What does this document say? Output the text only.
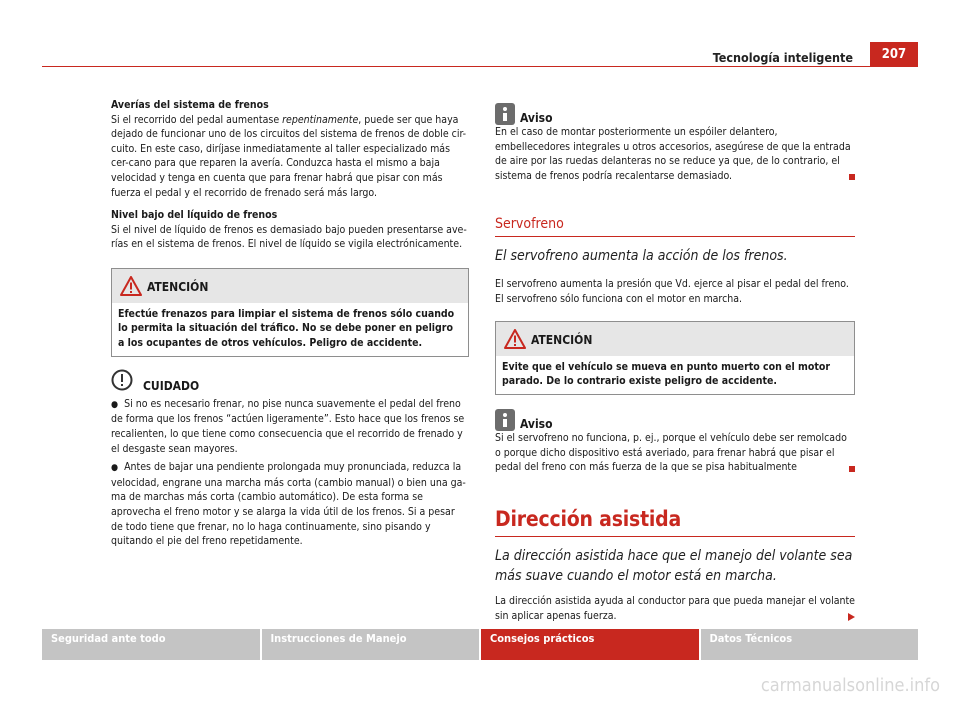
Tecnología inteligente	207

Averías del sistema de frenos

Si el recorrido del pedal aumentase repentinamente, puede ser que haya dejado de funcionar uno de los circuitos del sistema de frenos de doble cir-cuito. En este caso, diríjase inmediatamente al taller especializado más cer-cano para que reparen la avería. Conduzca hasta el mismo a baja velocidad y tenga en cuenta que para frenar habrá que pisar con más fuerza el pedal y el recorrido de frenado será más largo.

Nivel bajo del líquido de frenos

Si el nivel de líquido de frenos es demasiado bajo pueden presentarse ave-rías en el sistema de frenos. El nivel de líquido se vigila electrónicamente.

ATENCIÓN
Efectúe frenazos para limpiar el sistema de frenos sólo cuando lo permita la situación del tráfico. No se debe poner en peligro a los ocupantes de otros vehículos. Peligro de accidente.
CUIDADO

● Si no es necesario frenar, no pise nunca suavemente el pedal del freno de forma que los frenos “actúen ligeramente”. Esto hace que los frenos se recalienten, lo que tiene como consecuencia que el recorrido de frenado y el desgaste sean mayores.

● Antes de bajar una pendiente prolongada muy pronunciada, reduzca la velocidad, engrane una marcha más corta (cambio manual) o bien una ga-ma de marchas más corta (cambio automático). De esta forma se aprovecha el freno motor y se alarga la vida útil de los frenos. Si a pesar de todo tiene que frenar, no lo haga continuamente, sino pisando y quitando el pie del freno repetidamente.

Aviso

En el caso de montar posteriormente un espóiler delantero, embellecedores integrales u otros accesorios, asegúrese de que la entrada de aire por las ruedas delanteras no se reduce ya que, de lo contrario, el sistema de frenos podría recalentarse demasiado.

Servofreno

El servofreno aumenta la acción de los frenos.

El servofreno aumenta la presión que Vd. ejerce al pisar el pedal del freno. El servofreno sólo funciona con el motor en marcha.

ATENCIÓN
Evite que el vehículo se mueva en punto muerto con el motor parado. De lo contrario existe peligro de accidente.
Aviso

Si el servofreno no funciona, p. ej., porque el vehículo debe ser remolcado o porque dicho dispositivo está averiado, para frenar habrá que pisar el pedal del freno con más fuerza de la que se pisa habitualmente

Dirección asistida

La dirección asistida hace que el manejo del volante sea más suave cuando el motor está en marcha.

La dirección asistida ayuda al conductor para que pueda manejar el volante sin aplicar apenas fuerza.

Seguridad ante todo	Instrucciones de Manejo	Consejos prácticos	Datos Técnicos
carmanualsonline.info
